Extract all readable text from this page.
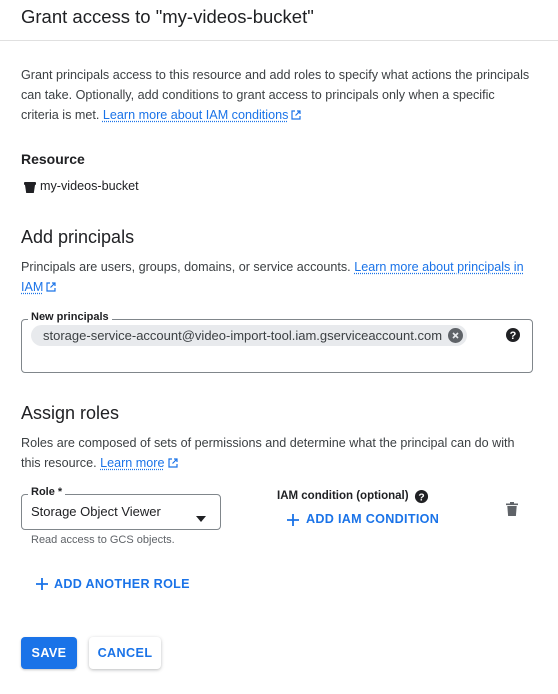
Grant access to "my-videos-bucket"
Grant principals access to this resource and add roles to specify what actions the principals can take. Optionally, add conditions to grant access to principals only when a specific criteria is met. Learn more about IAM conditions
Resource
my-videos-bucket
Add principals
Principals are users, groups, domains, or service accounts. Learn more about principals in IAM
New principals
storage-service-account@video-import-tool.iam.gserviceaccount.com	?
Assign roles
Roles are composed of sets of permissions and determine what the principal can do with this resource. Learn more
Role *
Storage Object Viewer
Read access to GCS objects.
IAM condition (optional) ?
ADD IAM CONDITION
ADD ANOTHER ROLE
SAVE	CANCEL
